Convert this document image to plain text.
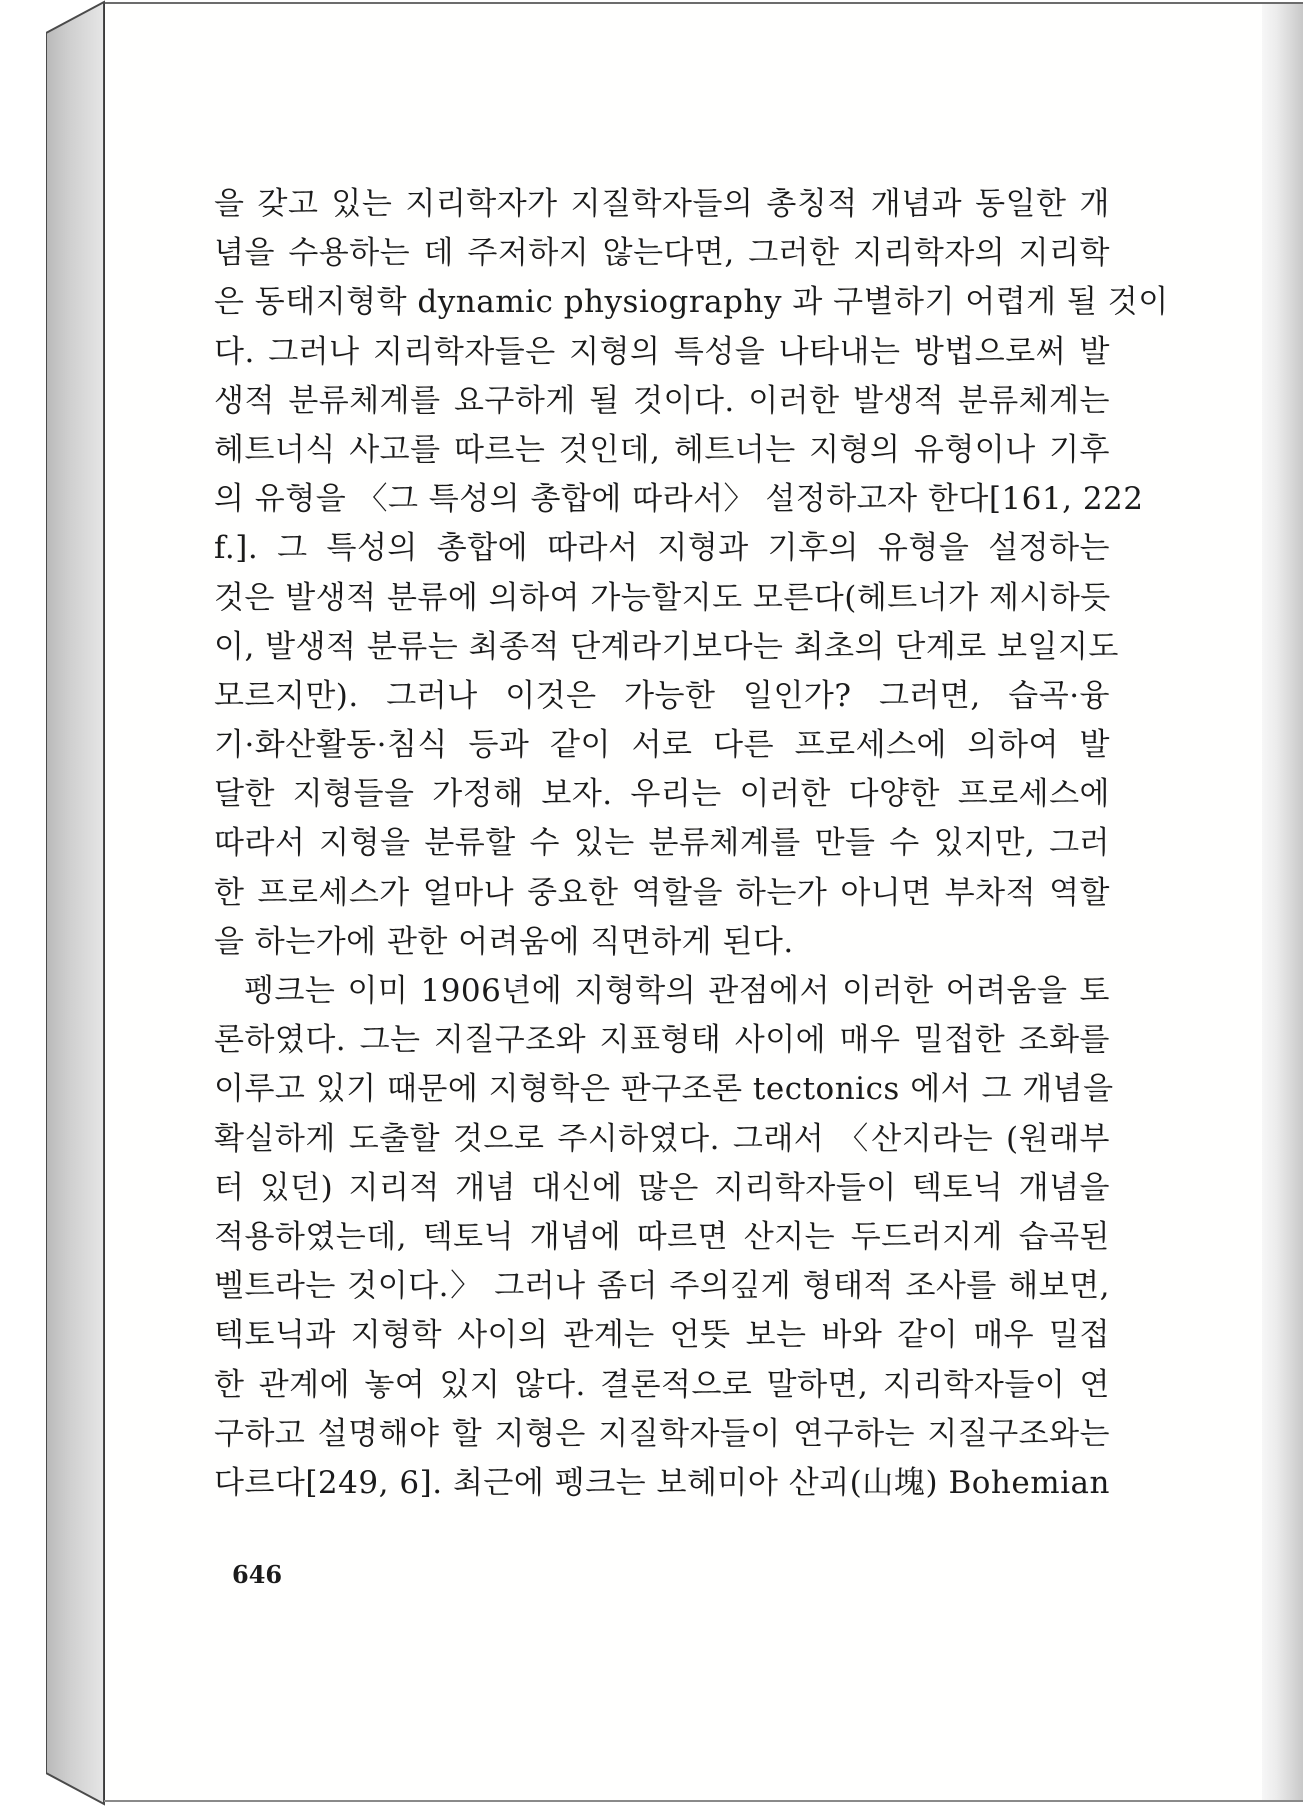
을 갖고 있는 지리학자가 지질학자들의 총칭적 개념과 동일한 개
념을 수용하는 데 주저하지 않는다면, 그러한 지리학자의 지리학
은 동태지형학 dynamic physiography 과 구별하기 어렵게 될 것이
다. 그러나 지리학자들은 지형의 특성을 나타내는 방법으로써 발
생적 분류체계를 요구하게 될 것이다. 이러한 발생적 분류체계는
헤트너식 사고를 따르는 것인데, 헤트너는 지형의 유형이나 기후
의 유형을 〈그 특성의 총합에 따라서〉 설정하고자 한다[161, 222
f.]. 그 특성의 총합에 따라서 지형과 기후의 유형을 설정하는
것은 발생적 분류에 의하여 가능할지도 모른다(헤트너가 제시하듯
이, 발생적 분류는 최종적 단계라기보다는 최초의 단계로 보일지도
모르지만). 그러나 이것은 가능한 일인가? 그러면, 습곡·융
기·화산활동·침식 등과 같이 서로 다른 프로세스에 의하여 발
달한 지형들을 가정해 보자. 우리는 이러한 다양한 프로세스에
따라서 지형을 분류할 수 있는 분류체계를 만들 수 있지만, 그러
한 프로세스가 얼마나 중요한 역할을 하는가 아니면 부차적 역할
을 하는가에 관한 어려움에 직면하게 된다.
펭크는 이미 1906년에 지형학의 관점에서 이러한 어려움을 토
론하였다. 그는 지질구조와 지표형태 사이에 매우 밀접한 조화를
이루고 있기 때문에 지형학은 판구조론 tectonics 에서 그 개념을
확실하게 도출할 것으로 주시하였다. 그래서 〈산지라는 (원래부
터 있던) 지리적 개념 대신에 많은 지리학자들이 텍토닉 개념을
적용하였는데, 텍토닉 개념에 따르면 산지는 두드러지게 습곡된
벨트라는 것이다.〉 그러나 좀더 주의깊게 형태적 조사를 해보면,
텍토닉과 지형학 사이의 관계는 언뜻 보는 바와 같이 매우 밀접
한 관계에 놓여 있지 않다. 결론적으로 말하면, 지리학자들이 연
구하고 설명해야 할 지형은 지질학자들이 연구하는 지질구조와는
다르다[249, 6]. 최근에 펭크는 보헤미아 산괴(山塊) Bohemian
646
